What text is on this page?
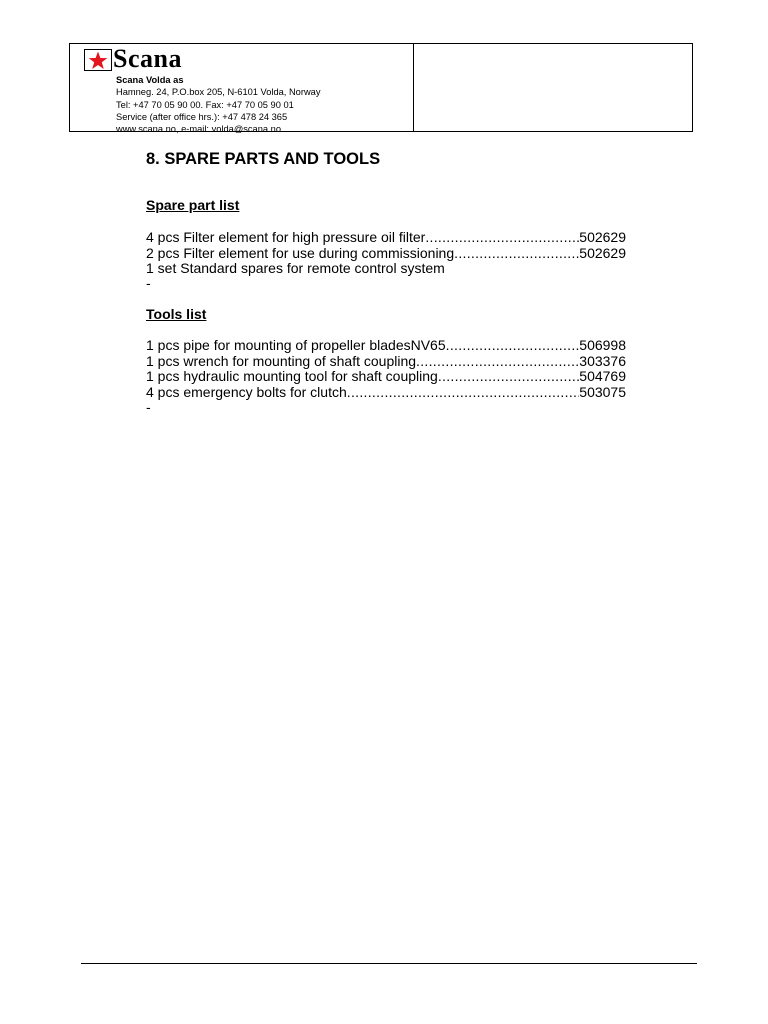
Scana
Scana Volda as
Hamneg. 24, P.O.box 205, N-6101 Volda, Norway
Tel: +47 70 05 90 00. Fax: +47 70 05 90 01
Service (after office hrs.): +47 478 24 365
www.scana.no, e-mail: volda@scana.no
8. SPARE PARTS AND TOOLS
Spare part list
4 pcs Filter element for high pressure oil filter .....	502629
2 pcs Filter element for use during commissioning .....	502629
1 set Standard spares for remote control system

-

Tools list
1 pcs pipe for mounting of propeller bladesNV65 .....	506998
1 pcs wrench for mounting of shaft coupling .....	303376
1 pcs hydraulic mounting tool for shaft coupling .....	504769
4 pcs emergency bolts for clutch .....	503075

-
